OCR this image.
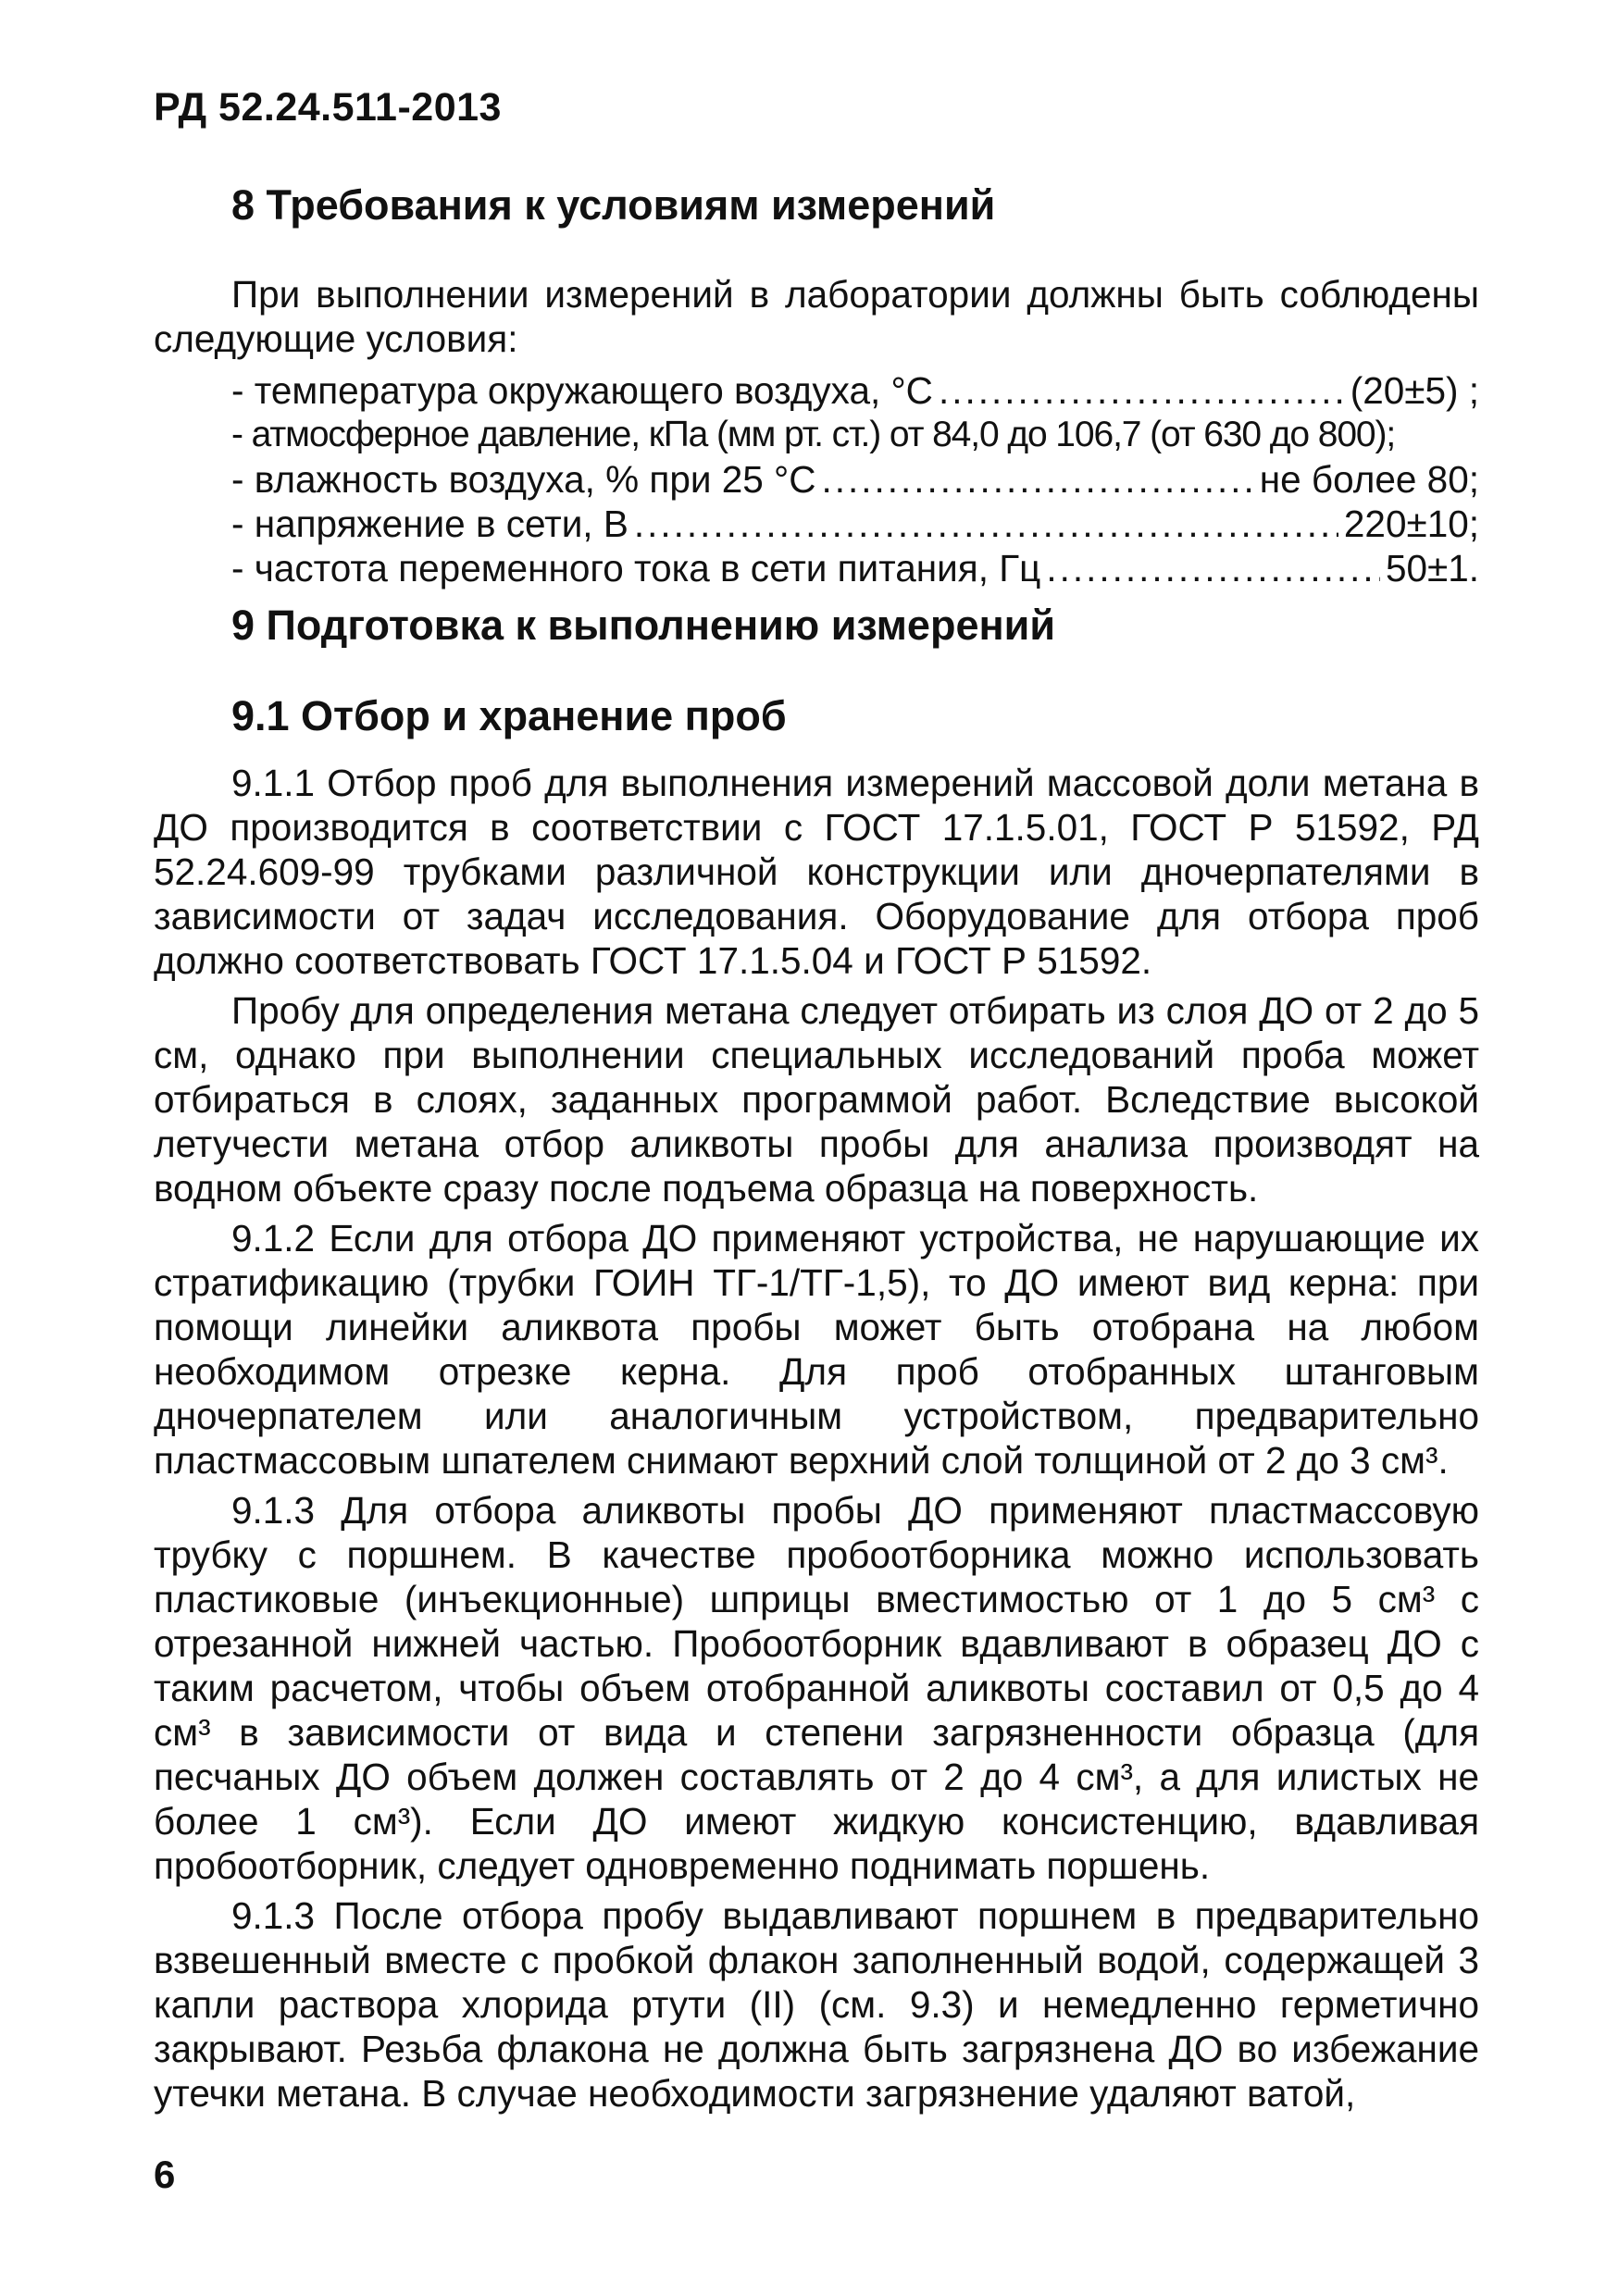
РД 52.24.511-2013
8 Требования к условиям измерений

При выполнении измерений в лаборатории должны быть соблюдены следующие условия:

- температура окружающего воздуха, °С .....	(20±5) ;
- атмосферное давление, кПа (мм рт. ст.) от 84,0 до 106,7 (от 630 до 800);
- влажность воздуха, % при 25 °С .....	не более 80;
- напряжение в сети, В .....	220±10;
- частота переменного тока в сети питания, Гц .....	50±1.
9 Подготовка к выполнению измерений
9.1 Отбор и хранение проб

9.1.1 Отбор проб для выполнения измерений массовой доли метана в ДО производится в соответствии с ГОСТ 17.1.5.01, ГОСТ Р 51592, РД 52.24.609-99 трубками различной конструкции или дночерпателями в зависимости от задач исследования. Оборудование для отбора проб должно соответствовать ГОСТ 17.1.5.04 и ГОСТ Р 51592.

Пробу для определения метана следует отбирать из слоя ДО от 2 до 5 см, однако при выполнении специальных исследований проба может отбираться в слоях, заданных программой работ. Вследствие высокой летучести метана отбор аликвоты пробы для анализа производят на водном объекте сразу после подъема образца на поверхность.

9.1.2 Если для отбора ДО применяют устройства, не нарушающие их стратификацию (трубки ГОИН ТГ-1/ТГ-1,5), то ДО имеют вид керна: при помощи линейки аликвота пробы может быть отобрана на любом необходимом отрезке керна. Для проб отобранных штанговым дночерпателем или аналогичным устройством, предварительно пластмассовым шпателем снимают верхний слой толщиной от 2 до 3 см³.

9.1.3 Для отбора аликвоты пробы ДО применяют пластмассовую трубку с поршнем. В качестве пробоотборника можно использовать пластиковые (инъекционные) шприцы вместимостью от 1 до 5 см³ с отрезанной нижней частью. Пробоотборник вдавливают в образец ДО с таким расчетом, чтобы объем отобранной аликвоты составил от 0,5 до 4 см³ в зависимости от вида и степени загрязненности образца (для песчаных ДО объем должен составлять от 2 до 4 см³, а для илистых не более 1 см³). Если ДО имеют жидкую консистенцию, вдавливая пробоотборник, следует одновременно поднимать поршень.

9.1.3 После отбора пробу выдавливают поршнем в предварительно взвешенный вместе с пробкой флакон заполненный водой, содержащей 3 капли раствора хлорида ртути (II) (см. 9.3) и немедленно герметично закрывают. Резьба флакона не должна быть загрязнена ДО во избежание утечки метана. В случае необходимости загрязнение удаляют ватой,

6
